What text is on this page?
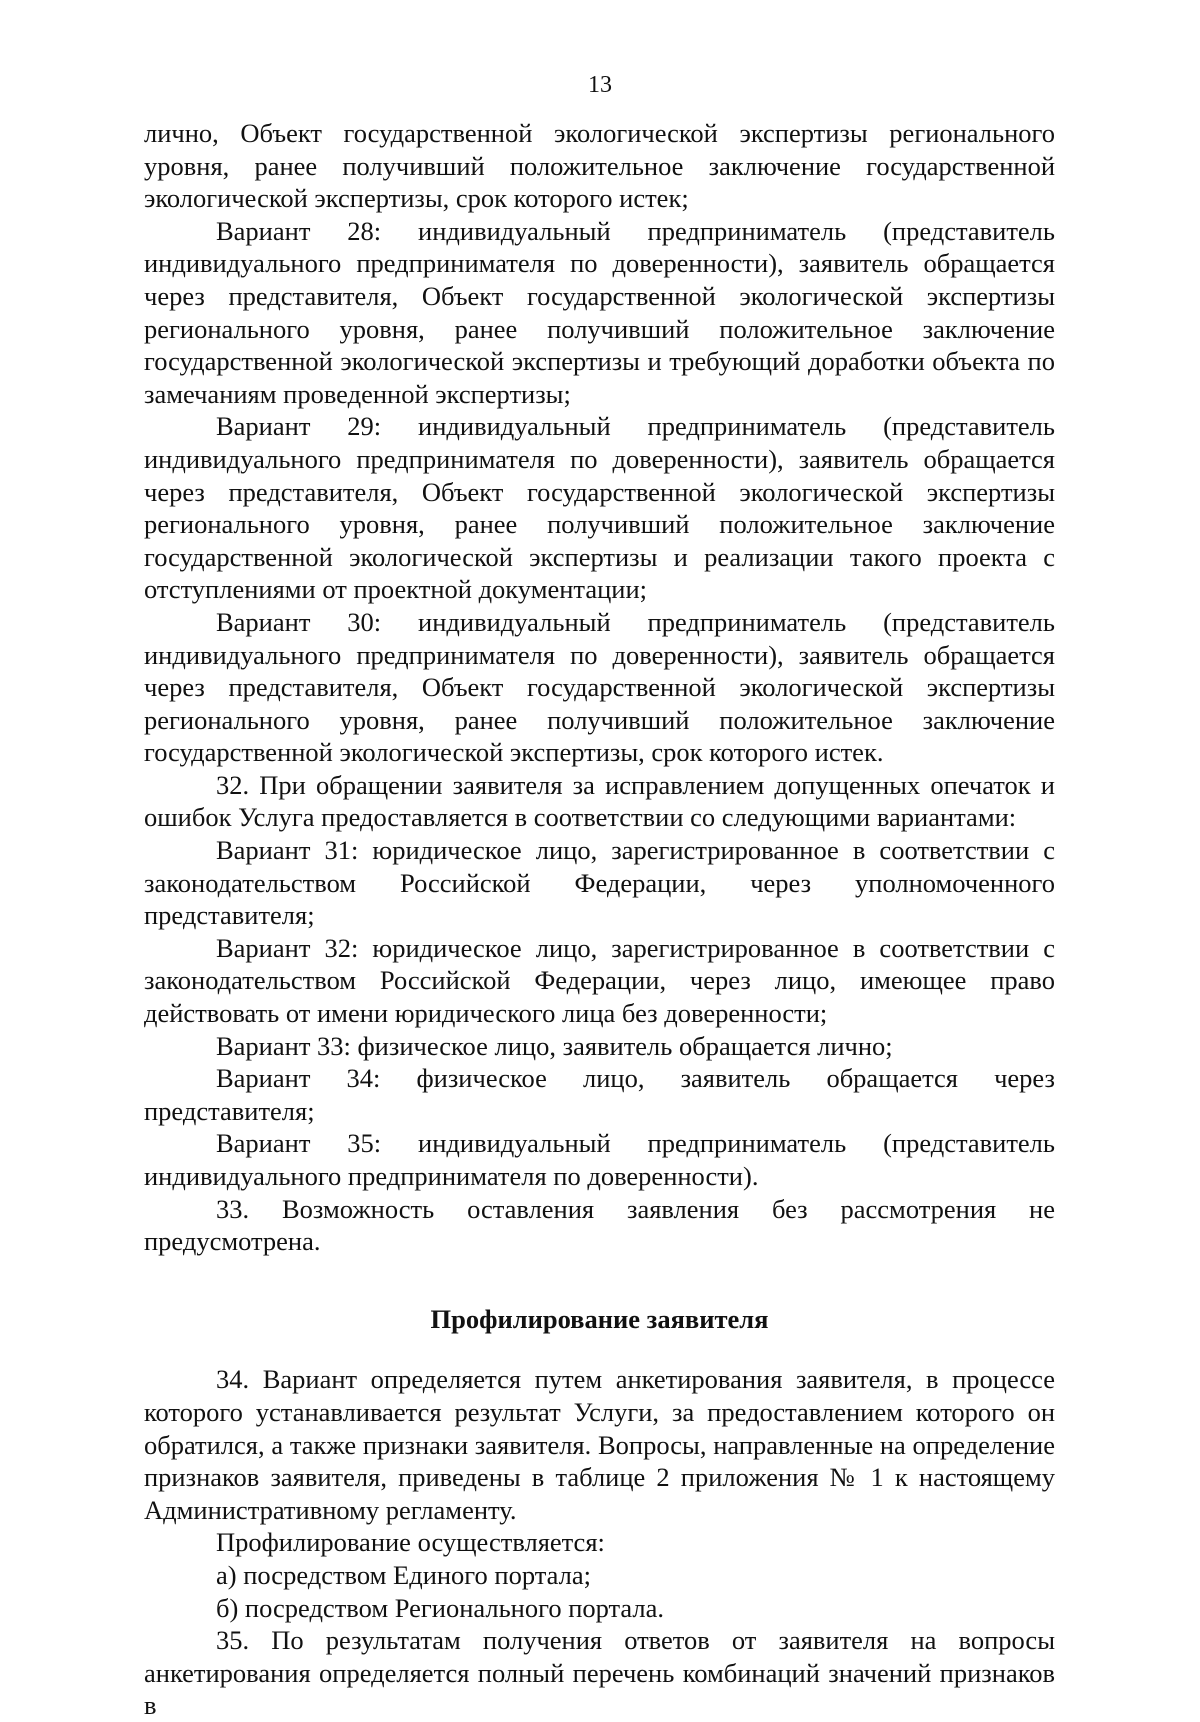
13

лично, Объект государственной экологической экспертизы регионального уровня, ранее получивший положительное заключение государственной экологической экспертизы, срок которого истек;

Вариант 28: индивидуальный предприниматель (представитель индивидуального предпринимателя по доверенности), заявитель обращается через представителя, Объект государственной экологической экспертизы регионального уровня, ранее получивший положительное заключение государственной экологической экспертизы и требующий доработки объекта по замечаниям проведенной экспертизы;

Вариант 29: индивидуальный предприниматель (представитель индивидуального предпринимателя по доверенности), заявитель обращается через представителя, Объект государственной экологической экспертизы регионального уровня, ранее получивший положительное заключение государственной экологической экспертизы и реализации такого проекта с отступлениями от проектной документации;

Вариант 30: индивидуальный предприниматель (представитель индивидуального предпринимателя по доверенности), заявитель обращается через представителя, Объект государственной экологической экспертизы регионального уровня, ранее получивший положительное заключение государственной экологической экспертизы, срок которого истек.

32. При обращении заявителя за исправлением допущенных опечаток и ошибок Услуга предоставляется в соответствии со следующими вариантами:

Вариант 31: юридическое лицо, зарегистрированное в соответствии с законодательством Российской Федерации, через уполномоченного представителя;

Вариант 32: юридическое лицо, зарегистрированное в соответствии с законодательством Российской Федерации, через лицо, имеющее право действовать от имени юридического лица без доверенности;

Вариант 33: физическое лицо, заявитель обращается лично;

Вариант 34: физическое лицо, заявитель обращается через представителя;

Вариант 35: индивидуальный предприниматель (представитель индивидуального предпринимателя по доверенности).

33. Возможность оставления заявления без рассмотрения не предусмотрена.

Профилирование заявителя

34. Вариант определяется путем анкетирования заявителя, в процессе которого устанавливается результат Услуги, за предоставлением которого он обратился, а также признаки заявителя. Вопросы, направленные на определение признаков заявителя, приведены в таблице 2 приложения № 1 к настоящему Административному регламенту.

Профилирование осуществляется:

а) посредством Единого портала;

б) посредством Регионального портала.

35. По результатам получения ответов от заявителя на вопросы анкетирования определяется полный перечень комбинаций значений признаков в
